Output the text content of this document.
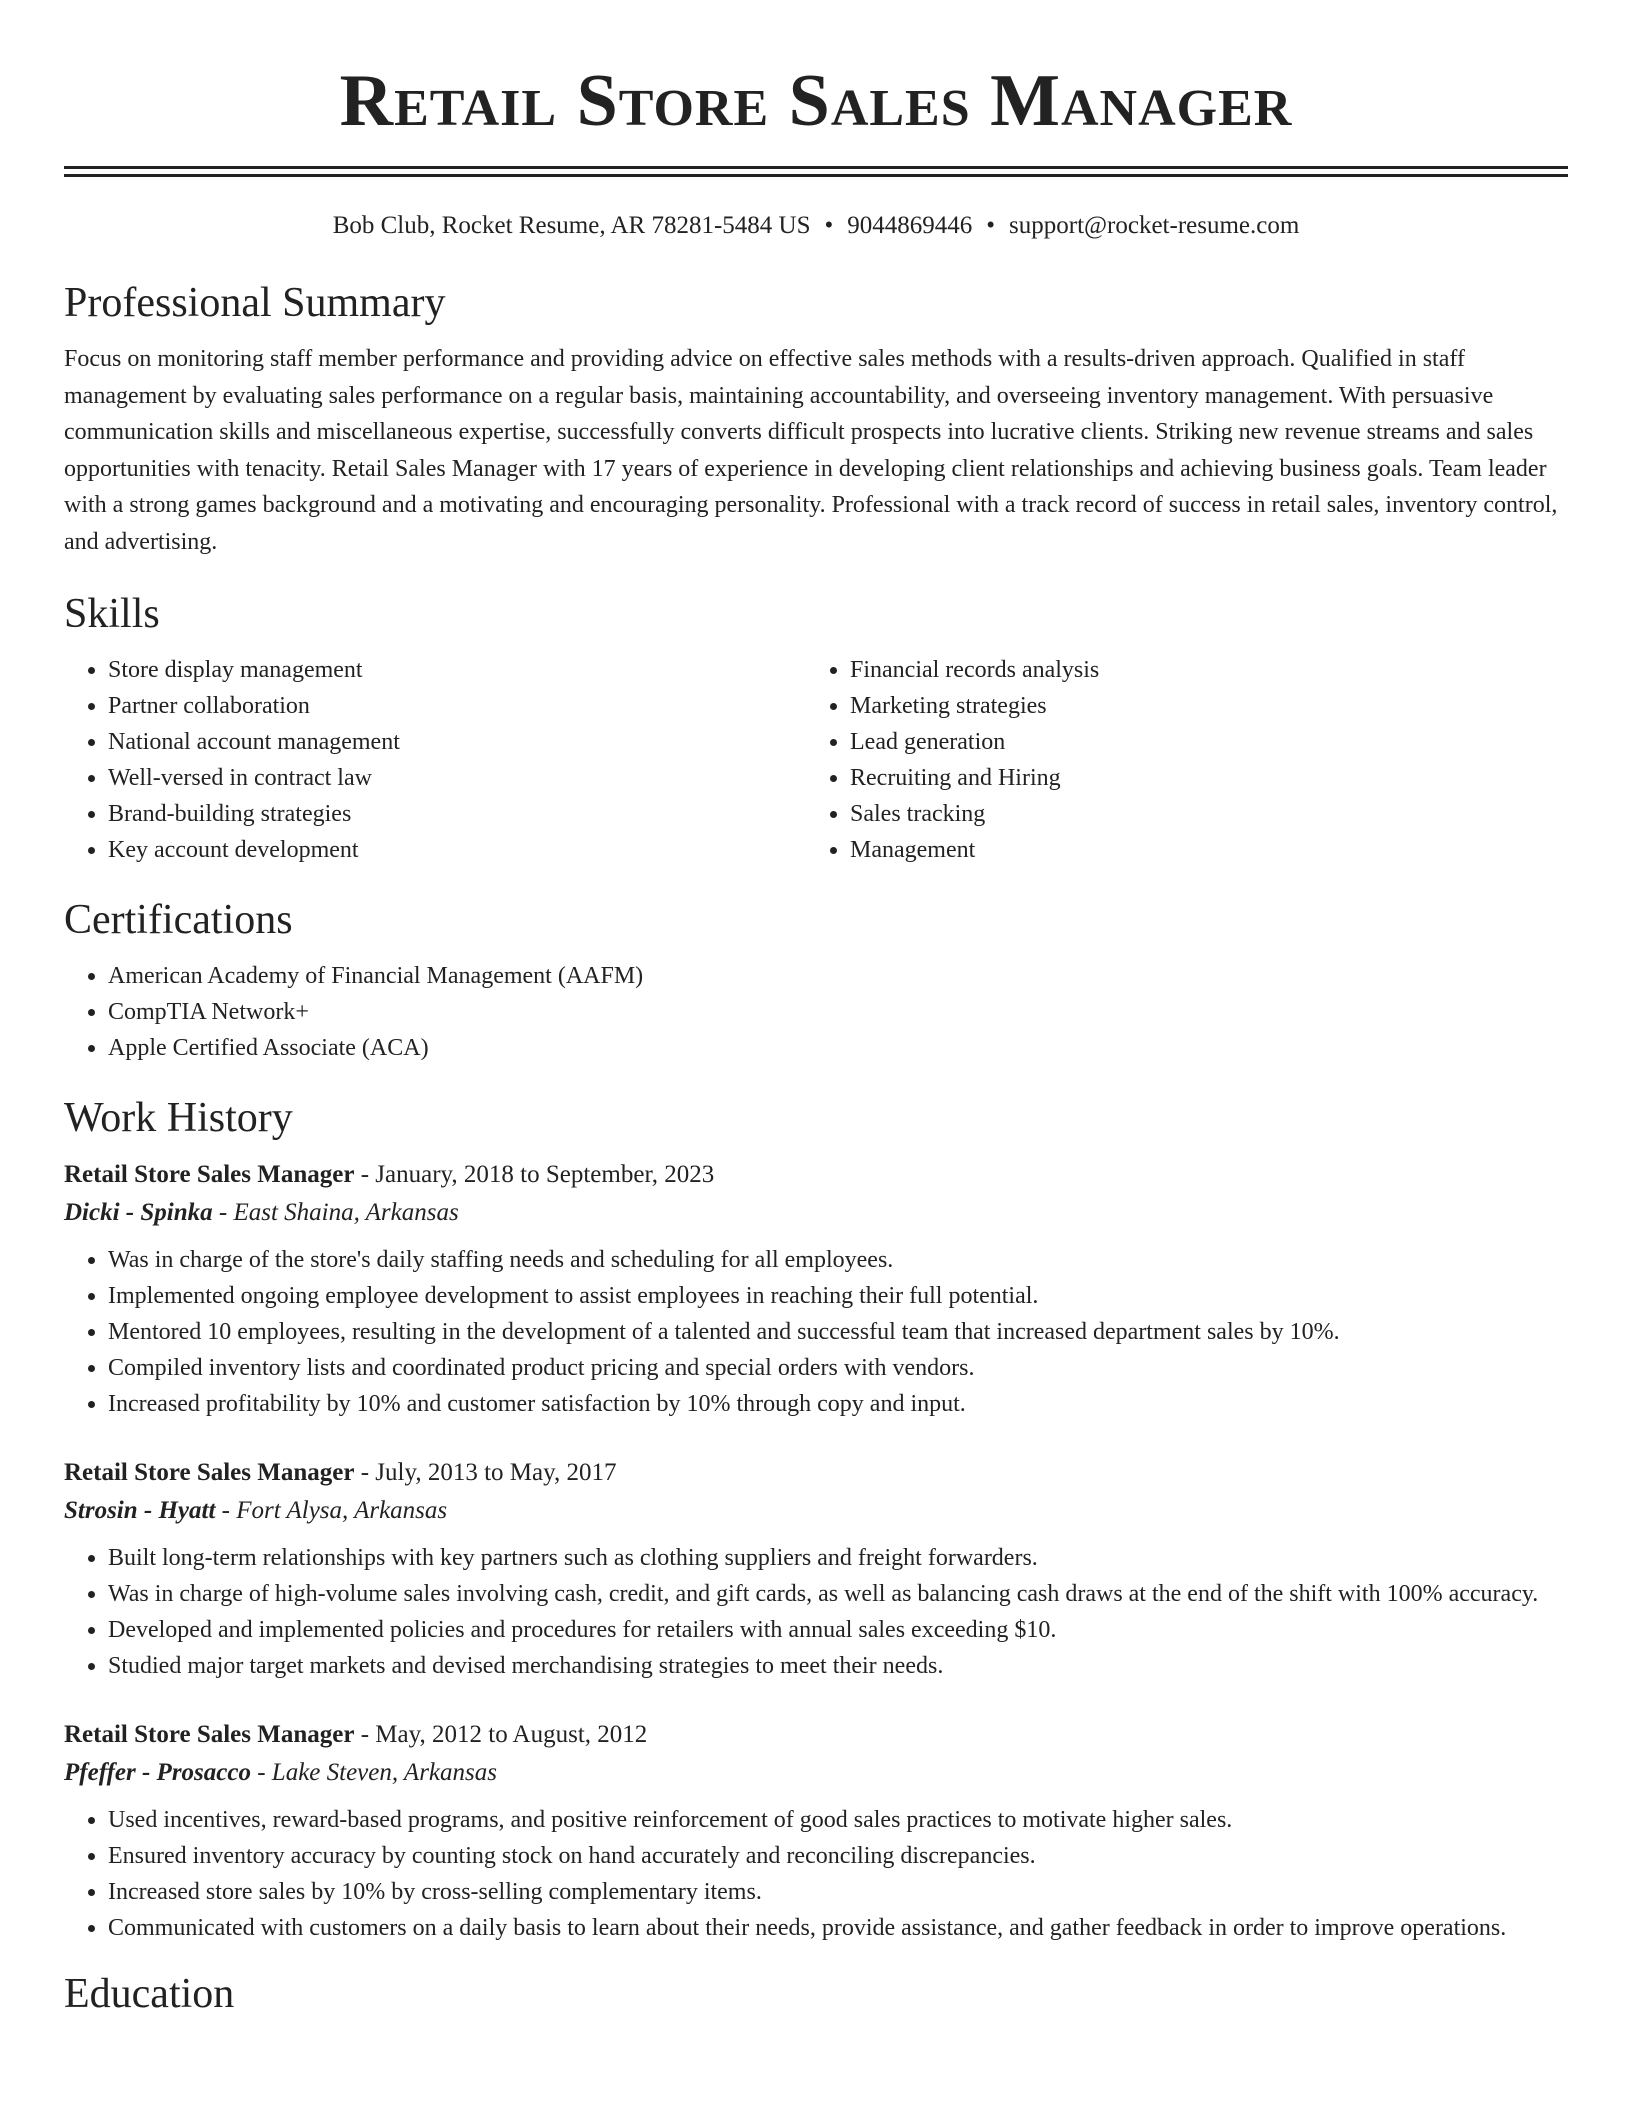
Retail Store Sales Manager
Bob Club, Rocket Resume, AR 78281-5484 US • 9044869446 • support@rocket-resume.com
Professional Summary

Focus on monitoring staff member performance and providing advice on effective sales methods with a results-driven approach. Qualified in staff management by evaluating sales performance on a regular basis, maintaining accountability, and overseeing inventory management. With persuasive communication skills and miscellaneous expertise, successfully converts difficult prospects into lucrative clients. Striking new revenue streams and sales opportunities with tenacity. Retail Sales Manager with 17 years of experience in developing client relationships and achieving business goals. Team leader with a strong games background and a motivating and encouraging personality. Professional with a track record of success in retail sales, inventory control, and advertising.

Skills
• Store display management
• Partner collaboration
• National account management
• Well-versed in contract law
• Brand-building strategies
• Key account development
• Financial records analysis
• Marketing strategies
• Lead generation
• Recruiting and Hiring
• Sales tracking
• Management
Certifications
• American Academy of Financial Management (AAFM)
• CompTIA Network+
• Apple Certified Associate (ACA)
Work History
Retail Store Sales Manager - January, 2018 to September, 2023
Dicki - Spinka - East Shaina, Arkansas
• Was in charge of the store's daily staffing needs and scheduling for all employees.
• Implemented ongoing employee development to assist employees in reaching their full potential.
• Mentored 10 employees, resulting in the development of a talented and successful team that increased department sales by 10%.
• Compiled inventory lists and coordinated product pricing and special orders with vendors.
• Increased profitability by 10% and customer satisfaction by 10% through copy and input.
Retail Store Sales Manager - July, 2013 to May, 2017
Strosin - Hyatt - Fort Alysa, Arkansas
• Built long-term relationships with key partners such as clothing suppliers and freight forwarders.
• Was in charge of high-volume sales involving cash, credit, and gift cards, as well as balancing cash draws at the end of the shift with 100% accuracy.
• Developed and implemented policies and procedures for retailers with annual sales exceeding $10.
• Studied major target markets and devised merchandising strategies to meet their needs.
Retail Store Sales Manager - May, 2012 to August, 2012
Pfeffer - Prosacco - Lake Steven, Arkansas
• Used incentives, reward-based programs, and positive reinforcement of good sales practices to motivate higher sales.
• Ensured inventory accuracy by counting stock on hand accurately and reconciling discrepancies.
• Increased store sales by 10% by cross-selling complementary items.
• Communicated with customers on a daily basis to learn about their needs, provide assistance, and gather feedback in order to improve operations.
Education
